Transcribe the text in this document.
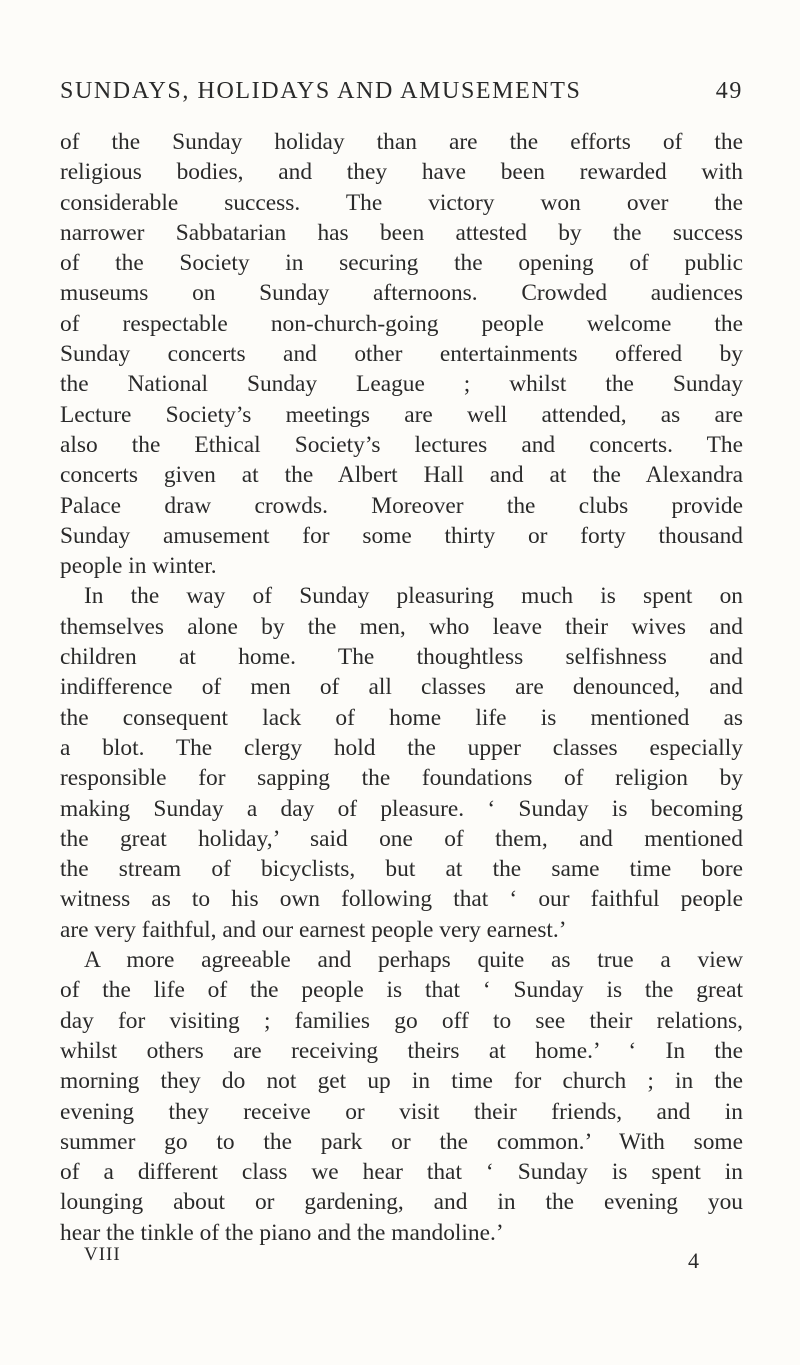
SUNDAYS, HOLIDAYS AND AMUSEMENTS	49
of the Sunday holiday than are the efforts of the
religious bodies, and they have been rewarded with
considerable success. The victory won over the
narrower Sabbatarian has been attested by the success
of the Society in securing the opening of public
museums on Sunday afternoons. Crowded audiences
of respectable non-church-going people welcome the
Sunday concerts and other entertainments offered by
the National Sunday League ; whilst the Sunday
Lecture Society’s meetings are well attended, as are
also the Ethical Society’s lectures and concerts. The
concerts given at the Albert Hall and at the Alexandra
Palace draw crowds. Moreover the clubs provide
Sunday amusement for some thirty or forty thousand
people in winter.
In the way of Sunday pleasuring much is spent on
themselves alone by the men, who leave their wives and
children at home. The thoughtless selfishness and
indifference of men of all classes are denounced, and
the consequent lack of home life is mentioned as
a blot. The clergy hold the upper classes especially
responsible for sapping the foundations of religion by
making Sunday a day of pleasure. ‘ Sunday is becoming
the great holiday,’ said one of them, and mentioned
the stream of bicyclists, but at the same time bore
witness as to his own following that ‘ our faithful people
are very faithful, and our earnest people very earnest.’
A more agreeable and perhaps quite as true a view
of the life of the people is that ‘ Sunday is the great
day for visiting ; families go off to see their relations,
whilst others are receiving theirs at home.’ ‘ In the
morning they do not get up in time for church ; in the
evening they receive or visit their friends, and in
summer go to the park or the common.’ With some
of a different class we hear that ‘ Sunday is spent in
lounging about or gardening, and in the evening you
hear the tinkle of the piano and the mandoline.’
VIII	4
